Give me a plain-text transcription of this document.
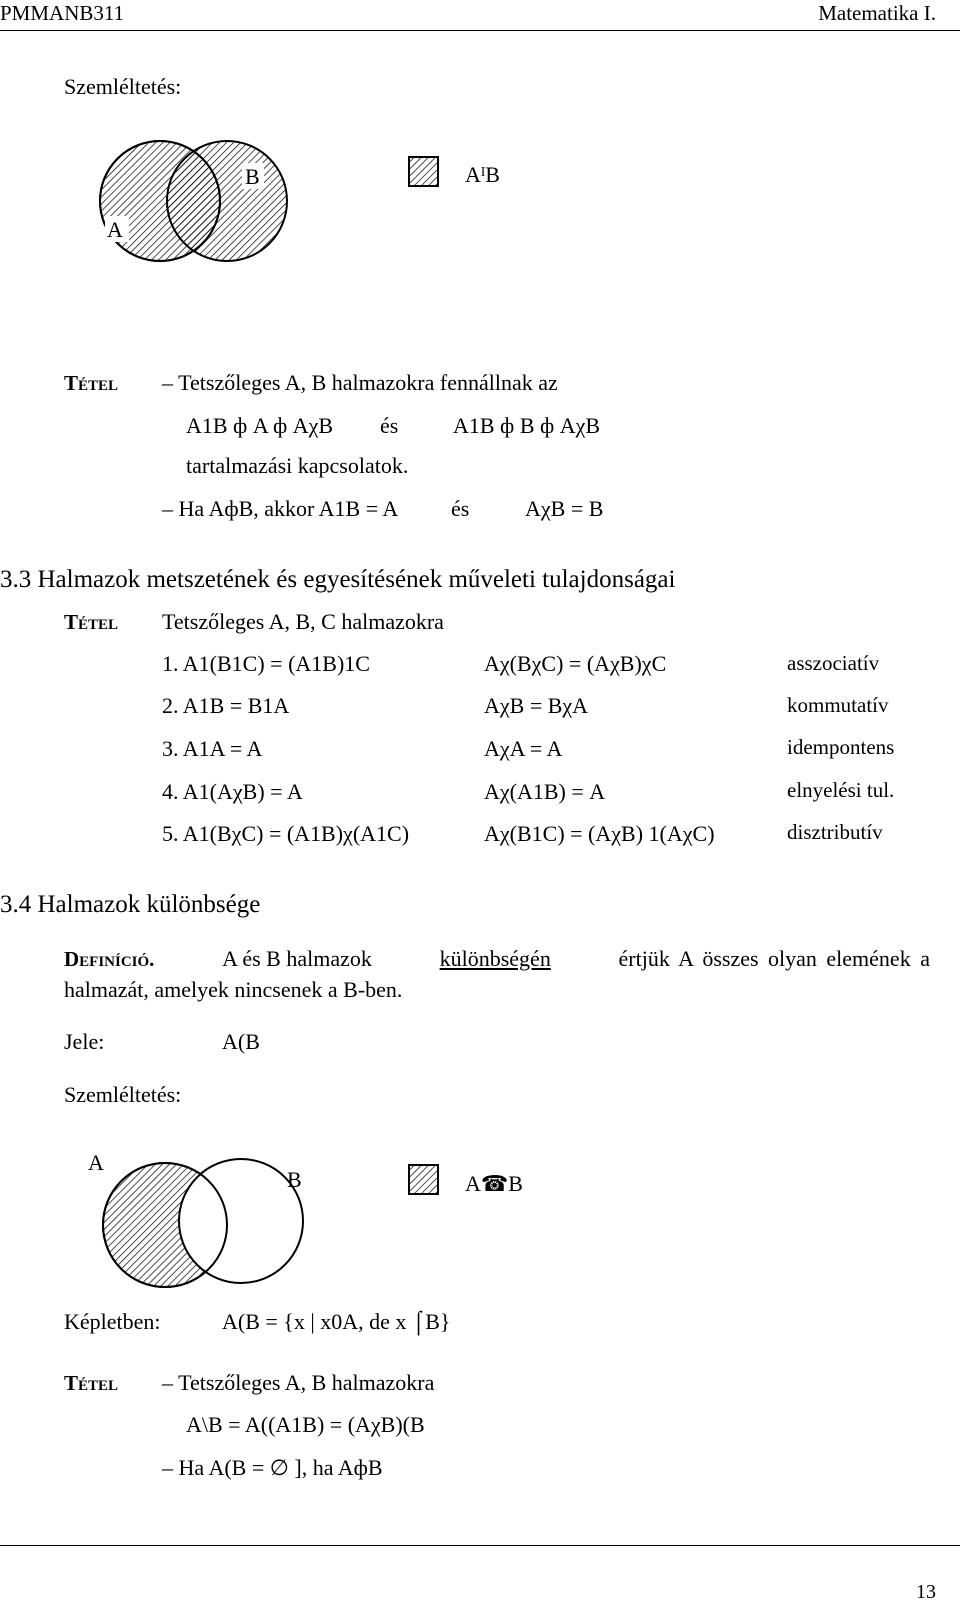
PMMANB311	Matematika I.
Szemléltetés:
A
B	AᴵB
Tétel – Tetszőleges A, B halmazokra fennállnak az
A1B ф A ф AχB és A1B ф B ф AχB
tartalmazási kapcsolatok.
– Ha AфB, akkor A1B = A és	AχB = B
3.3 Halmazok metszetének és egyesítésének műveleti tulajdonságai
Tétel Tetszőleges A, B, C halmazokra
1. A1(B1C) = (A1B)1C	Aχ(BχC) = (AχB)χC	asszociatív
2. A1B = B1A	AχB = BχA	kommutatív
3. A1A = A	AχA = A	idempontens
4. A1(AχB) = A	Aχ(A1B) = A	elnyelési tul.
5. A1(BχC) = (A1B)χ(A1C)	Aχ(B1C) = (AχB) 1(AχC)	disztributív
3.4 Halmazok különbsége
Definíció.	A és B halmazok	különbségén	értjük A összes olyan elemének a
halmazát, amelyek nincsenek a B-ben.
Jele:	A(B
Szemléltetés:
A
B	A☎B
Képletben:	A(B = {x | x0A, de x ⌠B}
Tétel – Tetszőleges A, B halmazokra
A\B = A((A1B) = (AχB)(B
– Ha A(B = ∅ ], ha AфB
13
